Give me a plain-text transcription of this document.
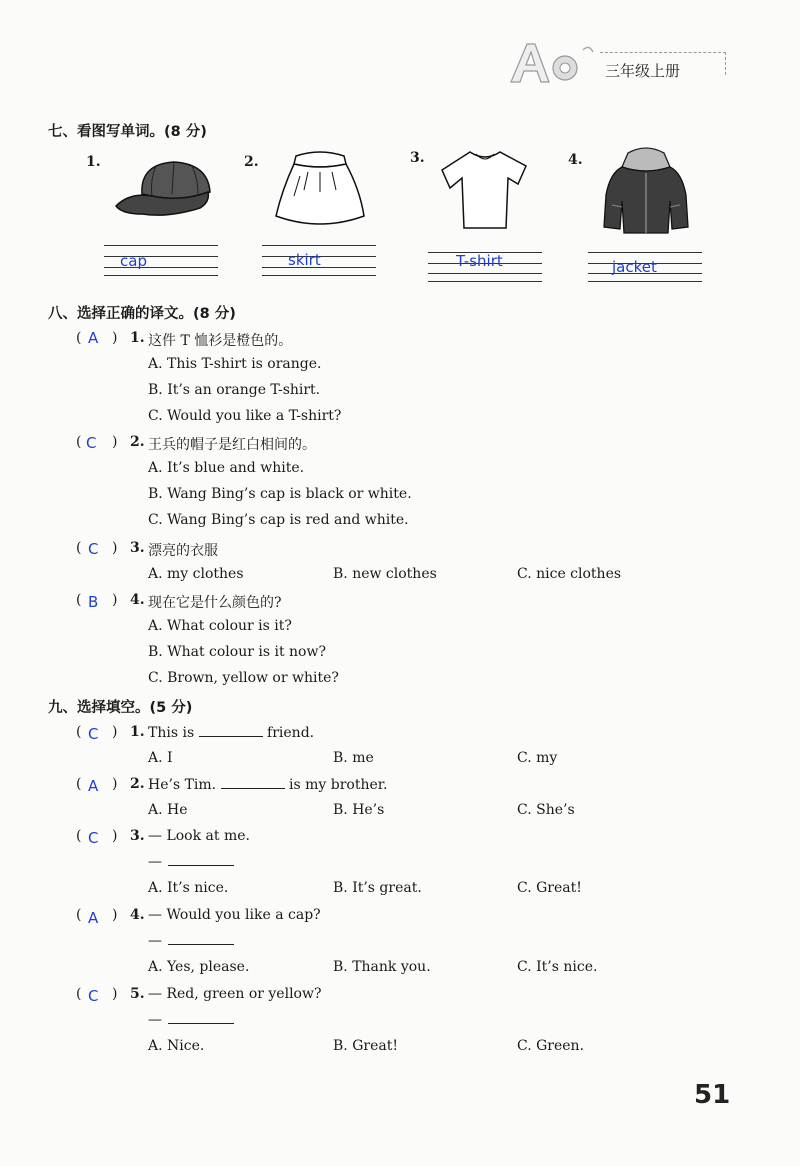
三年级上册
七、看图写单词。(8 分)
1.	2.	3.	4.
cap	skirt	T-shirt	jacket
八、选择正确的译文。(8 分)
( )
A 1. 这件 T 恤衫是橙色的。
A. This T-shirt is orange.
B. It’s an orange T-shirt.
C. Would you like a T-shirt?
( )
C 2. 王兵的帽子是红白相间的。
A. It’s blue and white.
B. Wang Bing’s cap is black or white.
C. Wang Bing’s cap is red and white.
( )
C 3. 漂亮的衣服
A. my clothes	B. new clothes	C. nice clothes
( )
B 4. 现在它是什么颜色的?
A. What colour is it?
B. What colour is it now?
C. Brown, yellow or white?
九、选择填空。(5 分)
( )
C 1. This is	friend.
A. I	B. me	C. my
( )
A 2. He’s Tim.	is my brother.
A. He	B. He’s	C. She’s
( )
C 3. — Look at me.
—
A. It’s nice.	B. It’s great.	C. Great!
( )
A 4. — Would you like a cap?
—
A. Yes, please.	B. Thank you.	C. It’s nice.
( )
C 5. — Red, green or yellow?
—
A. Nice.	B. Great!	C. Green.
51
